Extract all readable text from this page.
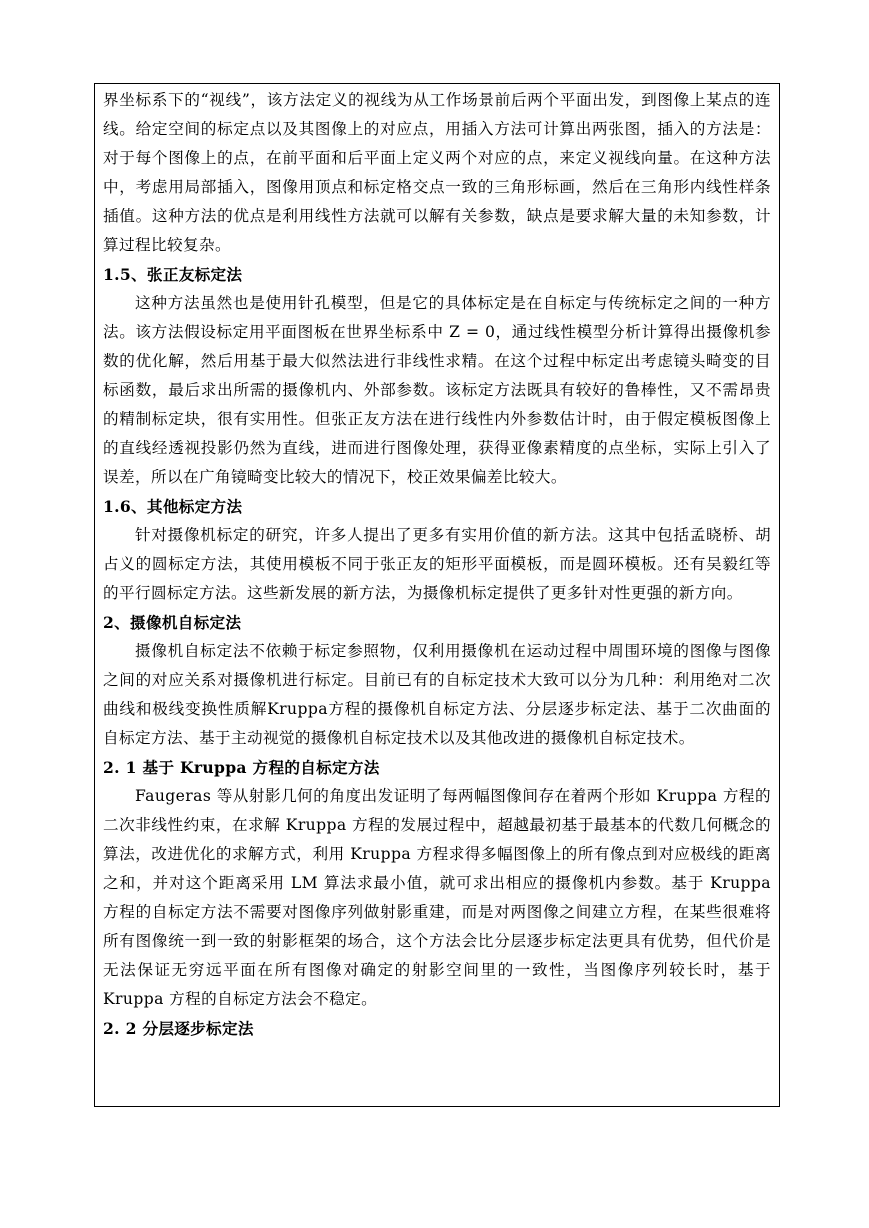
界坐标系下的“视线”，该方法定义的视线为从工作场景前后两个平面出发，到图像上某点的连线。给定空间的标定点以及其图像上的对应点，用插入方法可计算出两张图，插入的方法是：对于每个图像上的点，在前平面和后平面上定义两个对应的点，来定义视线向量。在这种方法中，考虑用局部插入，图像用顶点和标定格交点一致的三角形标画，然后在三角形内线性样条插值。这种方法的优点是利用线性方法就可以解有关参数，缺点是要求解大量的未知参数，计算过程比较复杂。

1.5、张正友标定法

这种方法虽然也是使用针孔模型，但是它的具体标定是在自标定与传统标定之间的一种方法。该方法假设标定用平面图板在世界坐标系中 Z = 0，通过线性模型分析计算得出摄像机参数的优化解，然后用基于最大似然法进行非线性求精。在这个过程中标定出考虑镜头畸变的目标函数，最后求出所需的摄像机内、外部参数。该标定方法既具有较好的鲁棒性，又不需昂贵的精制标定块，很有实用性。但张正友方法在进行线性内外参数估计时，由于假定模板图像上的直线经透视投影仍然为直线，进而进行图像处理，获得亚像素精度的点坐标，实际上引入了误差，所以在广角镜畸变比较大的情况下，校正效果偏差比较大。

1.6、其他标定方法

针对摄像机标定的研究，许多人提出了更多有实用价值的新方法。这其中包括孟晓桥、胡占义的圆标定方法，其使用模板不同于张正友的矩形平面模板，而是圆环模板。还有吴毅红等的平行圆标定方法。这些新发展的新方法，为摄像机标定提供了更多针对性更强的新方向。

2、摄像机自标定法

摄像机自标定法不依赖于标定参照物，仅利用摄像机在运动过程中周围环境的图像与图像之间的对应关系对摄像机进行标定。目前已有的自标定技术大致可以分为几种：利用绝对二次曲线和极线变换性质解Kruppa方程的摄像机自标定方法、分层逐步标定法、基于二次曲面的自标定方法、基于主动视觉的摄像机自标定技术以及其他改进的摄像机自标定技术。

2. 1 基于 Kruppa 方程的自标定方法

Faugeras 等从射影几何的角度出发证明了每两幅图像间存在着两个形如 Kruppa 方程的二次非线性约束，在求解 Kruppa 方程的发展过程中，超越最初基于最基本的代数几何概念的算法，改进优化的求解方式，利用 Kruppa 方程求得多幅图像上的所有像点到对应极线的距离之和，并对这个距离采用 LM 算法求最小值，就可求出相应的摄像机内参数。基于 Kruppa 方程的自标定方法不需要对图像序列做射影重建，而是对两图像之间建立方程，在某些很难将所有图像统一到一致的射影框架的场合，这个方法会比分层逐步标定法更具有优势，但代价是无法保证无穷远平面在所有图像对确定的射影空间里的一致性，当图像序列较长时，基于 Kruppa 方程的自标定方法会不稳定。

2. 2 分层逐步标定法
